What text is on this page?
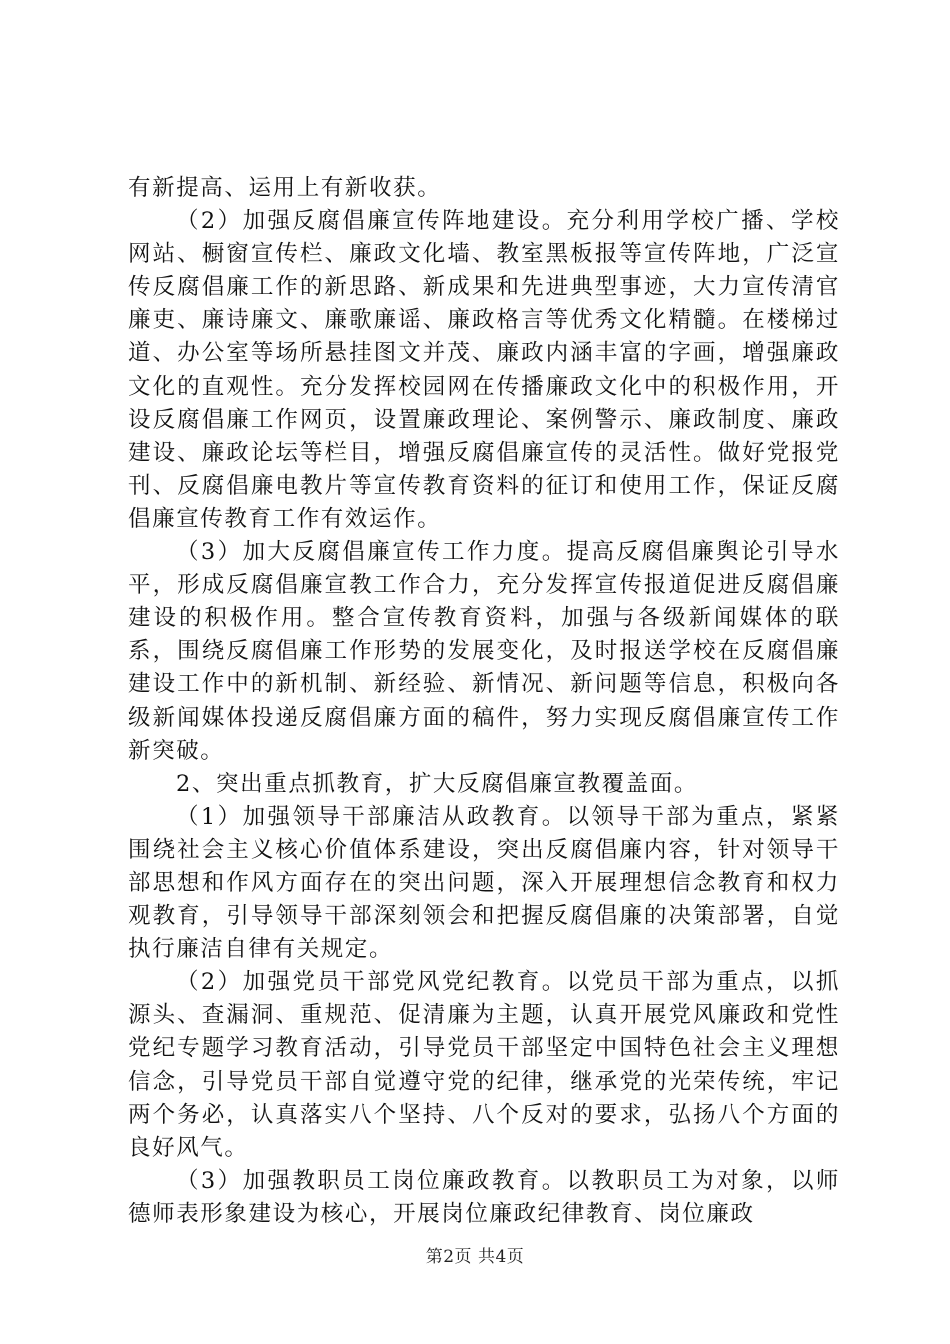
有新提高、运用上有新收获。

（2）加强反腐倡廉宣传阵地建设。充分利用学校广播、学校网站、橱窗宣传栏、廉政文化墙、教室黑板报等宣传阵地，广泛宣传反腐倡廉工作的新思路、新成果和先进典型事迹，大力宣传清官廉吏、廉诗廉文、廉歌廉谣、廉政格言等优秀文化精髓。在楼梯过道、办公室等场所悬挂图文并茂、廉政内涵丰富的字画，增强廉政文化的直观性。充分发挥校园网在传播廉政文化中的积极作用，开设反腐倡廉工作网页，设置廉政理论、案例警示、廉政制度、廉政建设、廉政论坛等栏目，增强反腐倡廉宣传的灵活性。做好党报党刊、反腐倡廉电教片等宣传教育资料的征订和使用工作，保证反腐倡廉宣传教育工作有效运作。

（3）加大反腐倡廉宣传工作力度。提高反腐倡廉舆论引导水平，形成反腐倡廉宣教工作合力，充分发挥宣传报道促进反腐倡廉建设的积极作用。整合宣传教育资料，加强与各级新闻媒体的联系，围绕反腐倡廉工作形势的发展变化，及时报送学校在反腐倡廉建设工作中的新机制、新经验、新情况、新问题等信息，积极向各级新闻媒体投递反腐倡廉方面的稿件，努力实现反腐倡廉宣传工作新突破。

2、突出重点抓教育，扩大反腐倡廉宣教覆盖面。

（1）加强领导干部廉洁从政教育。以领导干部为重点，紧紧围绕社会主义核心价值体系建设，突出反腐倡廉内容，针对领导干部思想和作风方面存在的突出问题，深入开展理想信念教育和权力观教育，引导领导干部深刻领会和把握反腐倡廉的决策部署，自觉执行廉洁自律有关规定。

（2）加强党员干部党风党纪教育。以党员干部为重点，以抓源头、查漏洞、重规范、促清廉为主题，认真开展党风廉政和党性党纪专题学习教育活动，引导党员干部坚定中国特色社会主义理想信念，引导党员干部自觉遵守党的纪律，继承党的光荣传统，牢记两个务必，认真落实八个坚持、八个反对的要求，弘扬八个方面的良好风气。

（3）加强教职员工岗位廉政教育。以教职员工为对象，以师德师表形象建设为核心，开展岗位廉政纪律教育、岗位廉政

第2页 共4页
